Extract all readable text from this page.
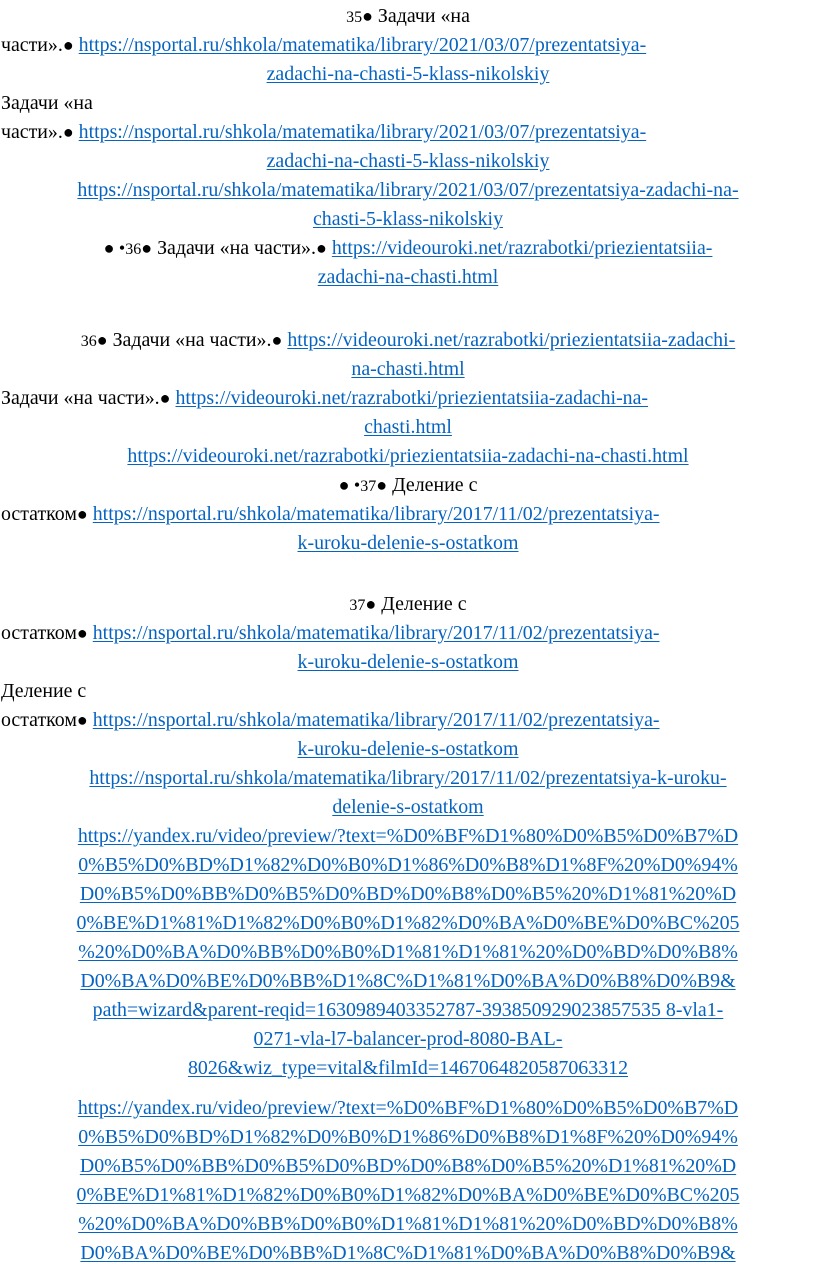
35● Задачи «на
части».● https://nsportal.ru/shkola/matematika/library/2021/03/07/prezentatsiya-
zadachi-na-chasti-5-klass-nikolskiy
Задачи «на
части».● https://nsportal.ru/shkola/matematika/library/2021/03/07/prezentatsiya-
zadachi-na-chasti-5-klass-nikolskiy
https://nsportal.ru/shkola/matematika/library/2021/03/07/prezentatsiya-zadachi-na-
chasti-5-klass-nikolskiy
● •36● Задачи «на части».● https://videouroki.net/razrabotki/priezientatsiia-
zadachi-na-chasti.html
36● Задачи «на части».● https://videouroki.net/razrabotki/priezientatsiia-zadachi-
na-chasti.html
Задачи «на части».● https://videouroki.net/razrabotki/priezientatsiia-zadachi-na-
chasti.html
https://videouroki.net/razrabotki/priezientatsiia-zadachi-na-chasti.html
● •37● Деление с
остатком● https://nsportal.ru/shkola/matematika/library/2017/11/02/prezentatsiya-
k-uroku-delenie-s-ostatkom
37● Деление с
остатком● https://nsportal.ru/shkola/matematika/library/2017/11/02/prezentatsiya-
k-uroku-delenie-s-ostatkom
Деление с
остатком● https://nsportal.ru/shkola/matematika/library/2017/11/02/prezentatsiya-
k-uroku-delenie-s-ostatkom
https://nsportal.ru/shkola/matematika/library/2017/11/02/prezentatsiya-k-uroku-
delenie-s-ostatkom
https://yandex.ru/video/preview/?text=%D0%BF%D1%80%D0%B5%D0%B7%D
0%B5%D0%BD%D1%82%D0%B0%D1%86%D0%B8%D1%8F%20%D0%94%
D0%B5%D0%BB%D0%B5%D0%BD%D0%B8%D0%B5%20%D1%81%20%D
0%BE%D1%81%D1%82%D0%B0%D1%82%D0%BA%D0%BE%D0%BC%205
%20%D0%BA%D0%BB%D0%B0%D1%81%D1%81%20%D0%BD%D0%B8%
D0%BA%D0%BE%D0%BB%D1%8C%D1%81%D0%BA%D0%B8%D0%B9&
path=wizard&parent-reqid=1630989403352787-393850929023857535 8-vla1-
0271-vla-l7-balancer-prod-8080-BAL-
8026&wiz_type=vital&filmId=1467064820587063312
https://yandex.ru/video/preview/?text=%D0%BF%D1%80%D0%B5%D0%B7%D
0%B5%D0%BD%D1%82%D0%B0%D1%86%D0%B8%D1%8F%20%D0%94%
D0%B5%D0%BB%D0%B5%D0%BD%D0%B8%D0%B5%20%D1%81%20%D
0%BE%D1%81%D1%82%D0%B0%D1%82%D0%BA%D0%BE%D0%BC%205
%20%D0%BA%D0%BB%D0%B0%D1%81%D1%81%20%D0%BD%D0%B8%
D0%BA%D0%BE%D0%BB%D1%8C%D1%81%D0%BA%D0%B8%D0%B9&
